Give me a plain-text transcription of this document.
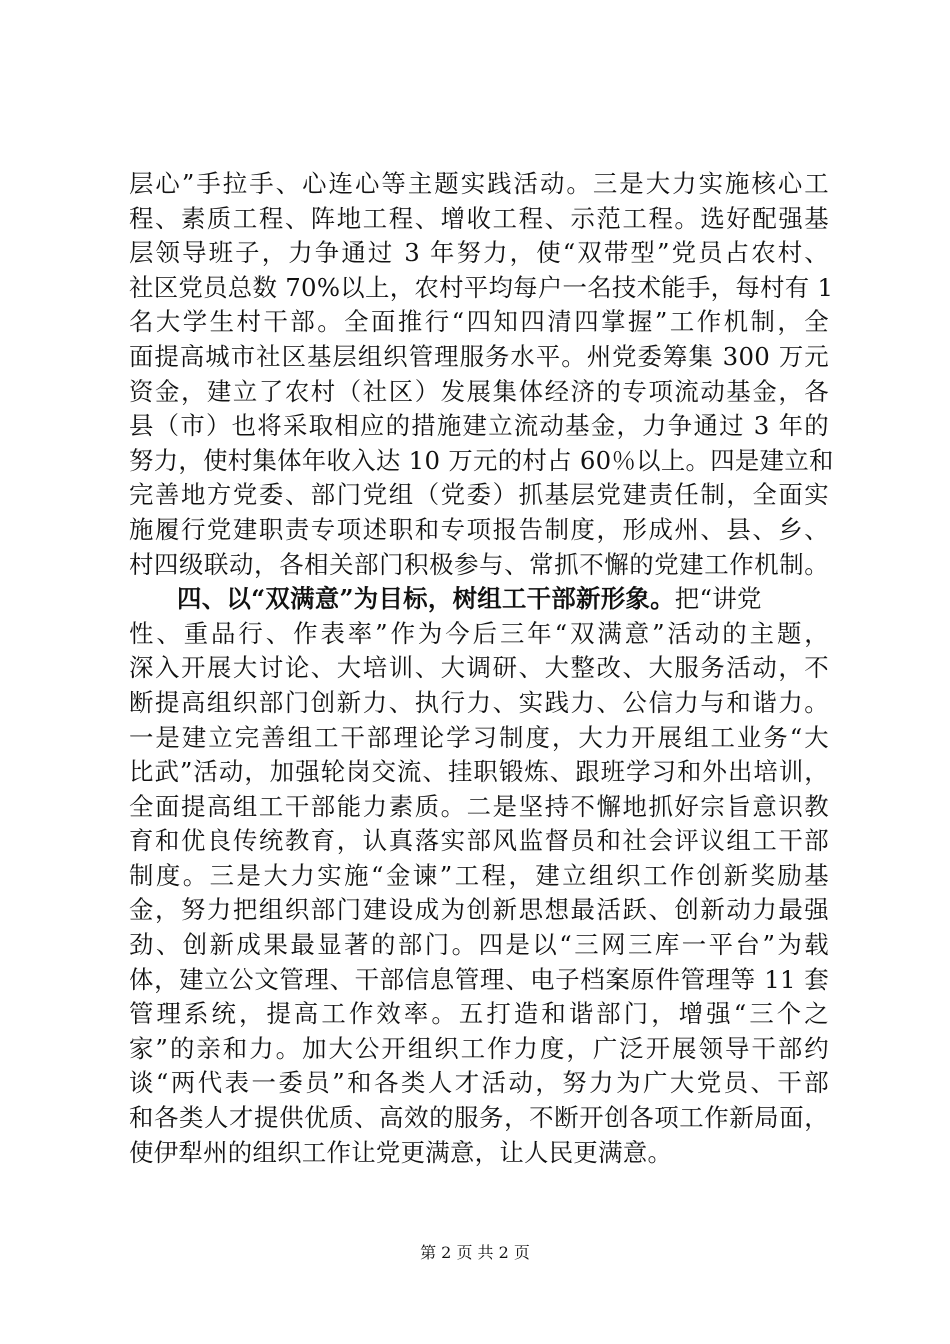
层心”手拉手、心连心等主题实践活动。三是大力实施核心工
程、素质工程、阵地工程、增收工程、示范工程。选好配强基
层领导班子，力争通过 3 年努力，使“双带型”党员占农村、
社区党员总数 70%以上，农村平均每户一名技术能手，每村有 1
名大学生村干部。全面推行“四知四清四掌握”工作机制，全
面提高城市社区基层组织管理服务水平。州党委筹集 300 万元
资金，建立了农村（社区）发展集体经济的专项流动基金，各
县（市）也将采取相应的措施建立流动基金，力争通过 3 年的
努力，使村集体年收入达 10 万元的村占 60％以上。四是建立和
完善地方党委、部门党组（党委）抓基层党建责任制，全面实
施履行党建职责专项述职和专项报告制度，形成州、县、乡、
村四级联动，各相关部门积极参与、常抓不懈的党建工作机制。
四、以“双满意”为目标，树组工干部新形象。把“讲党
性、重品行、作表率”作为今后三年“双满意”活动的主题，
深入开展大讨论、大培训、大调研、大整改、大服务活动，不
断提高组织部门创新力、执行力、实践力、公信力与和谐力。
一是建立完善组工干部理论学习制度，大力开展组工业务“大
比武”活动，加强轮岗交流、挂职锻炼、跟班学习和外出培训，
全面提高组工干部能力素质。二是坚持不懈地抓好宗旨意识教
育和优良传统教育，认真落实部风监督员和社会评议组工干部
制度。三是大力实施“金谏”工程，建立组织工作创新奖励基
金，努力把组织部门建设成为创新思想最活跃、创新动力最强
劲、创新成果最显著的部门。四是以“三网三库一平台”为载
体，建立公文管理、干部信息管理、电子档案原件管理等 11 套
管理系统，提高工作效率。五打造和谐部门，增强“三个之
家”的亲和力。加大公开组织工作力度，广泛开展领导干部约
谈“两代表一委员”和各类人才活动，努力为广大党员、干部
和各类人才提供优质、高效的服务，不断开创各项工作新局面，
使伊犁州的组织工作让党更满意，让人民更满意。
第 2 页 共 2 页
